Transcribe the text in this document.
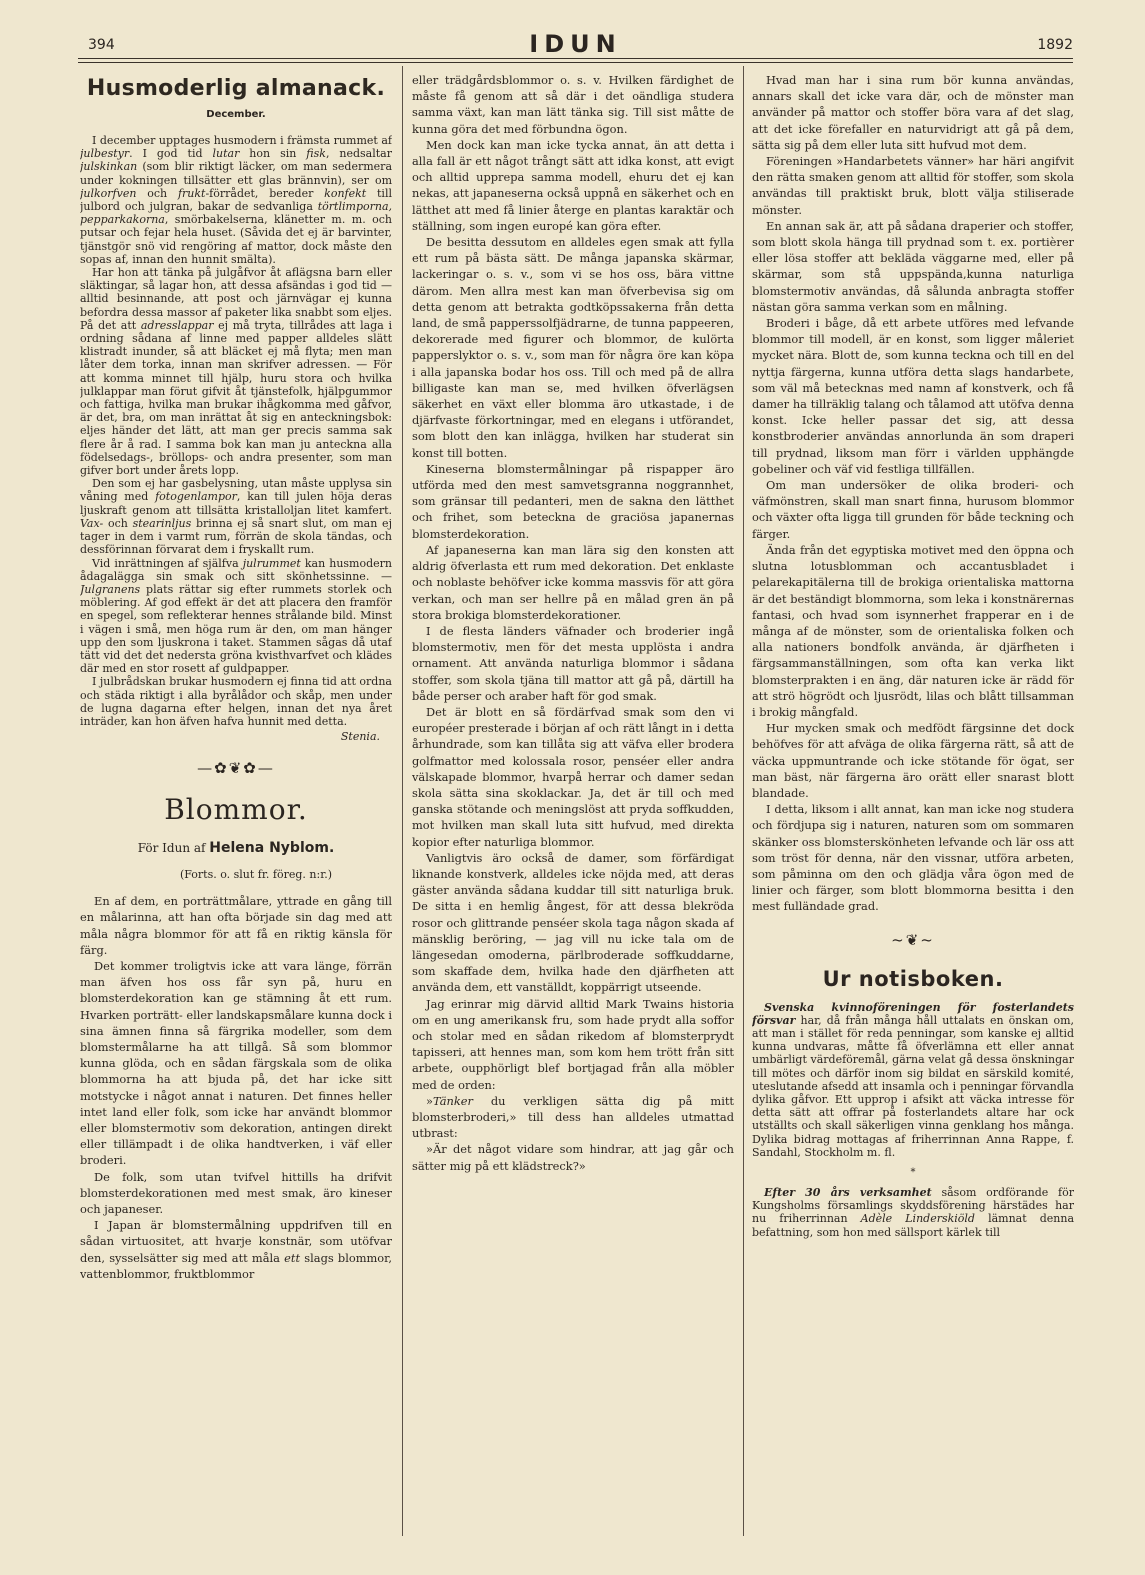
394	IDUN	1892
Husmoderlig almanack.
December.

I december upptages husmodern i främsta rummet af julbestyr. I god tid lutar hon sin fisk, nedsaltar julskinkan (som blir riktigt läcker, om man sedermera under kokningen tillsätter ett glas brännvin), ser om julkorfven och frukt-förrådet, bereder konfekt till julbord och julgran, bakar de sedvanliga törtlimporna, pepparkakorna, smörbakelserna, klänetter m. m. och putsar och fejar hela huset. (Såvida det ej är barvinter, tjänstgör snö vid rengöring af mattor, dock måste den sopas af, innan den hunnit smälta).

Har hon att tänka på julgåfvor åt aflägsna barn eller släktingar, så lagar hon, att dessa afsändas i god tid — alltid besinnande, att post och järnvägar ej kunna befordra dessa massor af paketer lika snabbt som eljes. På det att adresslappar ej må tryta, tillrådes att laga i ordning sådana af linne med papper alldeles slätt klistradt inunder, så att bläcket ej må flyta; men man låter dem torka, innan man skrifver adressen. — För att komma minnet till hjälp, huru stora och hvilka julklappar man förut gifvit åt tjänstefolk, hjälpgummor och fattiga, hvilka man brukar ihågkomma med gåfvor, är det, bra, om man inrättat åt sig en anteckningsbok: eljes händer det lätt, att man ger precis samma sak flere år å rad. I samma bok kan man ju anteckna alla födelsedags-, bröllops- och andra presenter, som man gifver bort under årets lopp.

Den som ej har gasbelysning, utan måste upplysa sin våning med fotogenlampor, kan till julen höja deras ljuskraft genom att tillsätta kristalloljan litet kamfert. Vax- och stearinljus brinna ej så snart slut, om man ej tager in dem i varmt rum, förrän de skola tändas, och dessförinnan förvarat dem i fryskallt rum.

Vid inrättningen af själfva julrummet kan husmodern ådagalägga sin smak och sitt skönhetssinne. — Julgranens plats rättar sig efter rummets storlek och möblering. Af god effekt är det att placera den framför en spegel, som reflekterar hennes strålande bild. Minst i vägen i små, men höga rum är den, om man hänger upp den som ljuskrona i taket. Stammen sågas då utaf tätt vid det det nedersta gröna kvisthvarfvet och klädes där med en stor rosett af guldpapper.

I julbrådskan brukar husmodern ej finna tid att ordna och städa riktigt i alla byrålådor och skåp, men under de lugna dagarna efter helgen, innan det nya året inträder, kan hon äfven hafva hunnit med detta.

Stenia.
—✿❦✿—
Blommor.
För Idun af Helena Nyblom.
(Forts. o. slut fr. föreg. n:r.)

En af dem, en porträttmålare, yttrade en gång till en målarinna, att han ofta började sin dag med att måla några blommor för att få en riktig känsla för färg.

Det kommer troligtvis icke att vara länge, förrän man äfven hos oss får syn på, huru en blomsterdekoration kan ge stämning åt ett rum. Hvarken porträtt- eller landskapsmålare kunna dock i sina ämnen finna så färgrika modeller, som dem blomstermålarne ha att tillgå. Så som blommor kunna glöda, och en sådan färgskala som de olika blommorna ha att bjuda på, det har icke sitt motstycke i något annat i naturen. Det finnes heller intet land eller folk, som icke har användt blommor eller blomstermotiv som dekoration, antingen direkt eller tillämpadt i de olika handtverken, i väf eller broderi.

De folk, som utan tvifvel hittills ha drifvit blomsterdekorationen med mest smak, äro kineser och japaneser.

I Japan är blomstermålning uppdrifven till en sådan virtuositet, att hvarje konstnär, som utöfvar den, sysselsätter sig med att måla ett slags blommor, vattenblommor, fruktblommor

eller trädgårdsblommor o. s. v. Hvilken färdighet de måste få genom att så där i det oändliga studera samma växt, kan man lätt tänka sig. Till sist måtte de kunna göra det med förbundna ögon.

Men dock kan man icke tycka annat, än att detta i alla fall är ett något trångt sätt att idka konst, att evigt och alltid upprepa samma modell, ehuru det ej kan nekas, att japaneserna också uppnå en säkerhet och en lätthet att med få linier återge en plantas karaktär och ställning, som ingen europé kan göra efter.

De besitta dessutom en alldeles egen smak att fylla ett rum på bästa sätt. De många japanska skärmar, lackeringar o. s. v., som vi se hos oss, bära vittne därom. Men allra mest kan man öfverbevisa sig om detta genom att betrakta godtköpssakerna från detta land, de små papperssolfjädrarne, de tunna pappeeren, dekorerade med figurer och blommor, de kulörta papperslyktor o. s. v., som man för några öre kan köpa i alla japanska bodar hos oss. Till och med på de allra billigaste kan man se, med hvilken öfverlägsen säkerhet en växt eller blomma äro utkastade, i de djärfvaste förkortningar, med en elegans i utförandet, som blott den kan inlägga, hvilken har studerat sin konst till botten.

Kineserna blomstermålningar på rispapper äro utförda med den mest samvetsgranna noggrannhet, som gränsar till pedanteri, men de sakna den lätthet och frihet, som beteckna de graciösa japanernas blomsterdekoration.

Af japaneserna kan man lära sig den konsten att aldrig öfverlasta ett rum med dekoration. Det enklaste och noblaste behöfver icke komma massvis för att göra verkan, och man ser hellre på en målad gren än på stora brokiga blomsterdekorationer.

I de flesta länders väfnader och broderier ingå blomstermotiv, men för det mesta upplösta i andra ornament. Att använda naturliga blommor i sådana stoffer, som skola tjäna till mattor att gå på, därtill ha både perser och araber haft för god smak.

Det är blott en så fördärfvad smak som den vi européer presterade i början af och rätt långt in i detta århundrade, som kan tillåta sig att väfva eller brodera golfmattor med kolossala rosor, penséer eller andra välskapade blommor, hvarpå herrar och damer sedan skola sätta sina skoklackar. Ja, det är till och med ganska stötande och meningslöst att pryda soffkudden, mot hvilken man skall luta sitt hufvud, med direkta kopior efter naturliga blommor.

Vanligtvis äro också de damer, som förfärdigat liknande konstverk, alldeles icke nöjda med, att deras gäster använda sådana kuddar till sitt naturliga bruk. De sitta i en hemlig ångest, för att dessa blekröda rosor och glittrande penséer skola taga någon skada af mänsklig beröring, — jag vill nu icke tala om de längesedan omoderna, pärlbroderade soffkuddarne, som skaffade dem, hvilka hade den djärfheten att använda dem, ett vanställdt, koppärrigt utseende.

Jag erinrar mig därvid alltid Mark Twains historia om en ung amerikansk fru, som hade prydt alla soffor och stolar med en sådan rikedom af blomsterprydt tapisseri, att hennes man, som kom hem trött från sitt arbete, oupphörligt blef bortjagad från alla möbler med de orden:

»Tänker du verkligen sätta dig på mitt blomsterbroderi,» till dess han alldeles utmattad utbrast:

»Är det något vidare som hindrar, att jag går och sätter mig på ett klädstreck?»

Hvad man har i sina rum bör kunna användas, annars skall det icke vara där, och de mönster man använder på mattor och stoffer böra vara af det slag, att det icke förefaller en naturvidrigt att gå på dem, sätta sig på dem eller luta sitt hufvud mot dem.

Föreningen »Handarbetets vänner» har häri angifvit den rätta smaken genom att alltid för stoffer, som skola användas till praktiskt bruk, blott välja stiliserade mönster.

En annan sak är, att på sådana draperier och stoffer, som blott skola hänga till prydnad som t. ex. portièrer eller lösa stoffer att bekläda väggarne med, eller på skärmar, som stå uppspända,kunna naturliga blomstermotiv användas, då sålunda anbragta stoffer nästan göra samma verkan som en målning.

Broderi i båge, då ett arbete utföres med lefvande blommor till modell, är en konst, som ligger måleriet mycket nära. Blott de, som kunna teckna och till en del nyttja färgerna, kunna utföra detta slags handarbete, som väl må betecknas med namn af konstverk, och få damer ha tillräklig talang och tålamod att utöfva denna konst. Icke heller passar det sig, att dessa konstbroderier användas annorlunda än som draperi till prydnad, liksom man förr i världen upphängde gobeliner och väf vid festliga tillfällen.

Om man undersöker de olika broderi- och väfmönstren, skall man snart finna, hurusom blommor och växter ofta ligga till grunden för både teckning och färger.

Ända från det egyptiska motivet med den öppna och slutna lotusblomman och accantusbladet i pelarekapitälerna till de brokiga orientaliska mattorna är det beständigt blommorna, som leka i konstnärernas fantasi, och hvad som isynnerhet frapperar en i de många af de mönster, som de orientaliska folken och alla nationers bondfolk använda, är djärfheten i färgsammanställningen, som ofta kan verka likt blomsterprakten i en äng, där naturen icke är rädd för att strö högrödt och ljusrödt, lilas och blått tillsamman i brokig mångfald.

Hur mycken smak och medfödt färgsinne det dock behöfves för att afväga de olika färgerna rätt, så att de väcka uppmuntrande och icke stötande för ögat, ser man bäst, när färgerna äro orätt eller snarast blott blandade.

I detta, liksom i allt annat, kan man icke nog studera och fördjupa sig i naturen, naturen som om sommaren skänker oss blomsterskönheten lefvande och lär oss att som tröst för denna, när den vissnar, utföra arbeten, som påminna om den och glädja våra ögon med de linier och färger, som blott blommorna besitta i den mest fulländade grad.

~❦~
Ur notisboken.

Svenska kvinnoföreningen för fosterlandets försvar har, då från många håll uttalats en önskan om, att man i stället för reda penningar, som kanske ej alltid kunna undvaras, måtte få öfverlämna ett eller annat umbärligt värdeföremål, gärna velat gå dessa önskningar till mötes och därför inom sig bildat en särskild komité, uteslutande afsedd att insamla och i penningar förvandla dylika gåfvor. Ett upprop i afsikt att väcka intresse för detta sätt att offrar på fosterlandets altare har ock utställts och skall säkerligen vinna genklang hos många. Dylika bidrag mottagas af friherrinnan Anna Rappe, f. Sandahl, Stockholm m. fl.

*

Efter 30 års verksamhet såsom ordförande för Kungsholms församlings skyddsförening härstädes har nu friherrinnan Adèle Linderskiöld lämnat denna befattning, som hon med sällsport kärlek till
